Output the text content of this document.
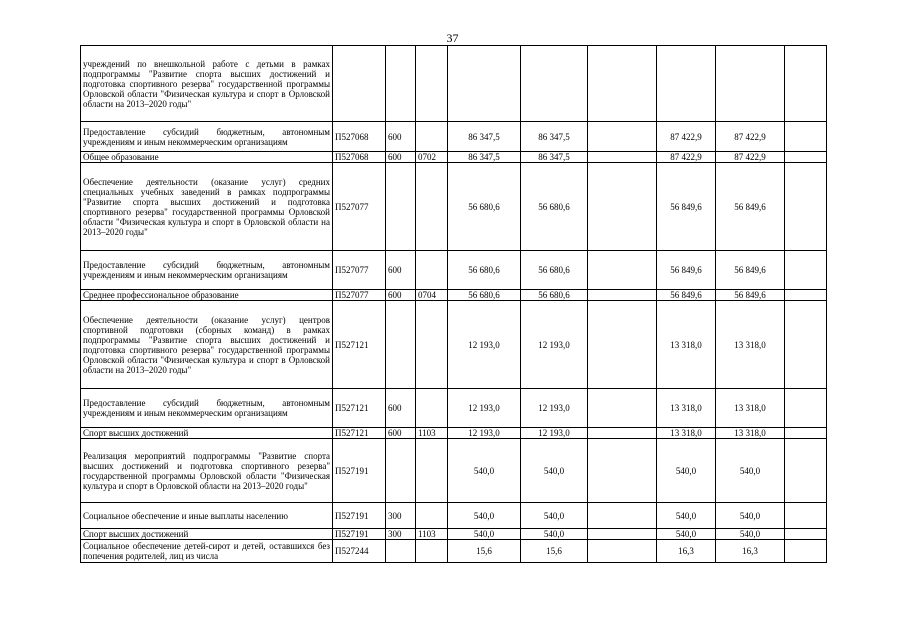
37
учреждений по внешкольной работе с детьми в рамках подпрограммы "Развитие спорта высших достижений и подготовка спортивного резерва" государственной программы Орловской области "Физическая культура и спорт в Орловской области на 2013–2020 годы"									
Предоставление субсидий бюджетным, автономным учреждениям и иным некоммерческим организациям	П527068	600		86 347,5	86 347,5		87 422,9	87 422,9	
Общее образование	П527068	600	0702	86 347,5	86 347,5		87 422,9	87 422,9	
Обеспечение деятельности (оказание услуг) средних специальных учебных заведений в рамках подпрограммы "Развитие спорта высших достижений и подготовка спортивного резерва" государственной программы Орловской области "Физическая культура и спорт в Орловской области на 2013–2020 годы"	П527077			56 680,6	56 680,6		56 849,6	56 849,6	
Предоставление субсидий бюджетным, автономным учреждениям и иным некоммерческим организациям	П527077	600		56 680,6	56 680,6		56 849,6	56 849,6	
Среднее профессиональное образование	П527077	600	0704	56 680,6	56 680,6		56 849,6	56 849,6	
Обеспечение деятельности (оказание услуг) центров спортивной подготовки (сборных команд) в рамках подпрограммы "Развитие спорта высших достижений и подготовка спортивного резерва" государственной программы Орловской области "Физическая культура и спорт в Орловской области на 2013–2020 годы"	П527121			12 193,0	12 193,0		13 318,0	13 318,0	
Предоставление субсидий бюджетным, автономным учреждениям и иным некоммерческим организациям	П527121	600		12 193,0	12 193,0		13 318,0	13 318,0	
Спорт высших достижений	П527121	600	1103	12 193,0	12 193,0		13 318,0	13 318,0	
Реализация мероприятий подпрограммы "Развитие спорта высших достижений и подготовка спортивного резерва" государственной программы Орловской области "Физическая культура и спорт в Орловской области на 2013–2020 годы"	П527191			540,0	540,0		540,0	540,0	
Социальное обеспечение и иные выплаты населению	П527191	300		540,0	540,0		540,0	540,0	
Спорт высших достижений	П527191	300	1103	540,0	540,0		540,0	540,0	
Социальное обеспечение детей-сирот и детей, оставшихся без попечения родителей, лиц из числа	П527244			15,6	15,6		16,3	16,3	
